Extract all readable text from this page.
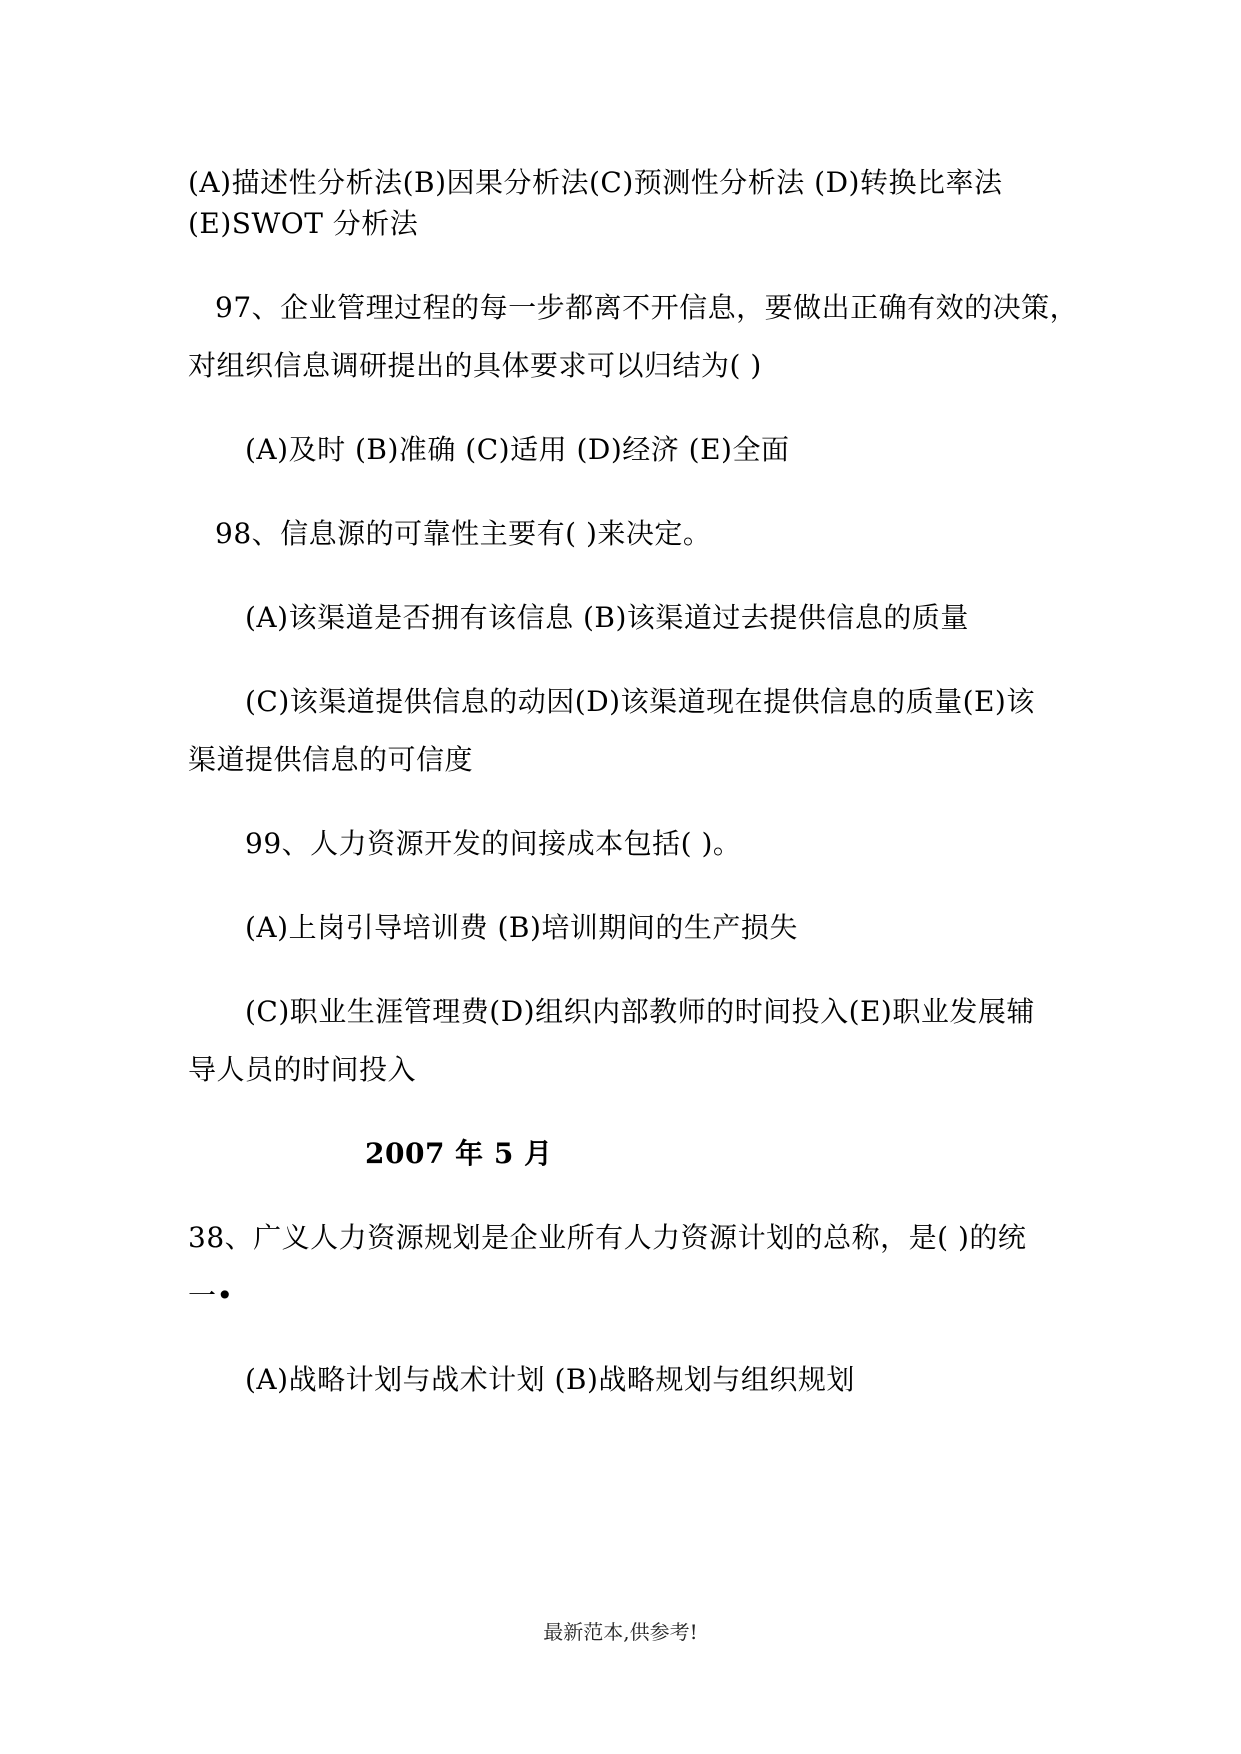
(A)描述性分析法(B)因果分析法(C)预测性分析法 (D)转换比率法
(E)SWOT 分析法
97、企业管理过程的每一步都离不开信息，要做出正确有效的决策，
对组织信息调研提出的具体要求可以归结为( )
(A)及时 (B)准确 (C)适用 (D)经济 (E)全面
98、信息源的可靠性主要有( )来决定。
(A)该渠道是否拥有该信息 (B)该渠道过去提供信息的质量
(C)该渠道提供信息的动因(D)该渠道现在提供信息的质量(E)该
渠道提供信息的可信度
99、人力资源开发的间接成本包括( )。
(A)上岗引导培训费 (B)培训期间的生产损失
(C)职业生涯管理费(D)组织内部教师的时间投入(E)职业发展辅
导人员的时间投入
2007 年 5 月
38、广义人力资源规划是企业所有人力资源计划的总称，是( )的统
一•
(A)战略计划与战术计划 (B)战略规划与组织规划
最新范本,供参考!
